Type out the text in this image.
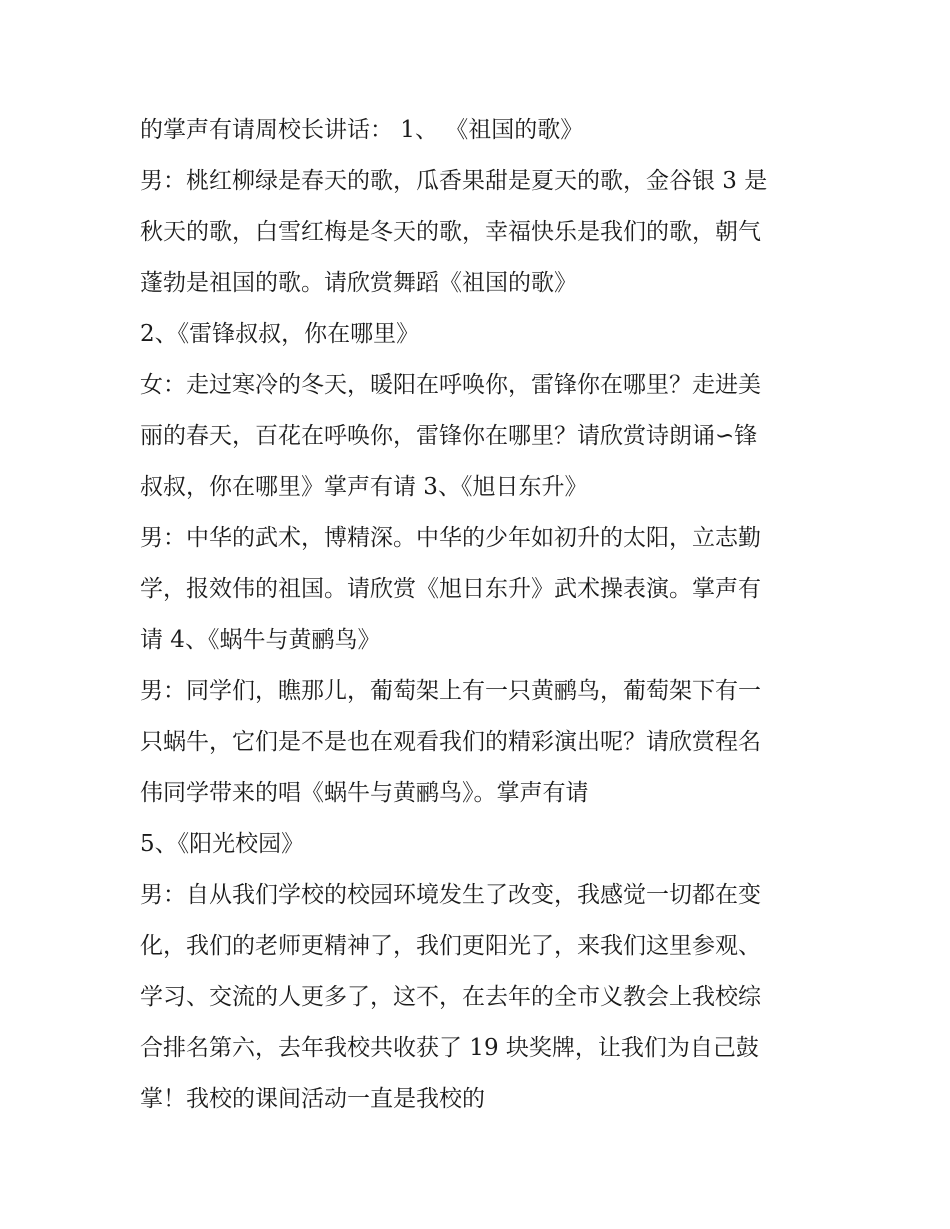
的掌声有请周校长讲话： 1、 《祖国的歌》
男：桃红柳绿是春天的歌，瓜香果甜是夏天的歌，金谷银 3 是
秋天的歌，白雪红梅是冬天的歌，幸福快乐是我们的歌，朝气
蓬勃是祖国的歌。请欣赏舞蹈《祖国的歌》
2、《雷锋叔叔，你在哪里》
女：走过寒冷的冬天，暖阳在呼唤你，雷锋你在哪里？走进美
丽的春天，百花在呼唤你，雷锋你在哪里？请欣赏诗朗诵∽锋
叔叔，你在哪里》掌声有请 3、《旭日东升》
男：中华的武术，博精深。中华的少年如初升的太阳，立志勤
学，报效伟的祖国。请欣赏《旭日东升》武术操表演。掌声有
请 4、《蜗牛与黄鹂鸟》
男：同学们，瞧那儿，葡萄架上有一只黄鹂鸟，葡萄架下有一
只蜗牛，它们是不是也在观看我们的精彩演出呢？请欣赏程名
伟同学带来的唱《蜗牛与黄鹂鸟》。掌声有请
5、《阳光校园》
男：自从我们学校的校园环境发生了改变，我感觉一切都在变
化，我们的老师更精神了，我们更阳光了，来我们这里参观、
学习、交流的人更多了，这不，在去年的全市义教会上我校综
合排名第六，去年我校共收获了 19 块奖牌，让我们为自己鼓
掌！我校的课间活动一直是我校的
